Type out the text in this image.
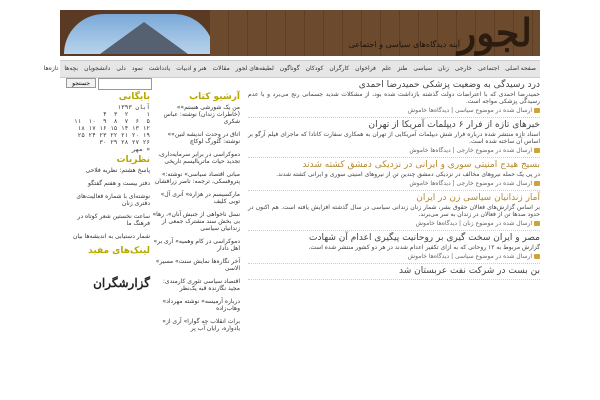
لجور
آینه‌ دیدگاه‌های سیاسی و اجتماعی
صفحه اصلی
اجتماعی
خارجی
زنان
سیاسی
طنز
علم
فراخوان
کارگران
کودکان
گوناگون
لطیفه‌های لجور
مقالات
هنر و ادبیات
یادداشت
نمود
دلی
دانشجویان
بچه‌ها
تازه‌ها
جستجو
بایگانی
آبان ۱۳۹۳
۱     ۲  ۳  ۴
۵  ۶  ۷  ۸  ۹  ۱۰  ۱۱
۱۲ ۱۳ ۱۴ ۱۵ ۱۶ ۱۷ ۱۸
۱۹ ۲۰ ۲۱ ۲۲ ۲۳ ۲۴ ۲۵
۲۶ ۲۷ ۲۸ ۲۹ ۳۰
« مهر
نظریات
پاسخ هشتم: نظریه فلاحی
دفتر بیست و هفتم گفتگو
نوشته‌ای با شماره فعالیت‌های دفتری زنان
ساعت نخستین شعر کوتاه در فرهنگ ما
شمار دستیابی به اندیشه‌ها بیان
لینک‌های مفید
گزارشگران
آرشیو کتاب
«من یک شورشی هستم» (خاطرات زندان) نوشته: عباس شکری
«اتاق در وحدت اندیشه لنین» نوشته: گئورگ لوکاچ
دموکراسی در برابر سرمایه‌داری، تجدید حیات ماتریالیسم تاریخی
«مبانی اقتصاد سیاسی» نوشته: پتروفسکی، ترجمه: ناصر زرافشان
«مارکسیسم در هزاره» آنری آل توبی کلیف
«نسل ناخواهی از جنبش آنان»، رها بی بخش سند مشترک جمعی از زندانیان سیاسی
«دموکراسی در کام وهمیه» آری بر اهل دادار
«آخر نگاره‌ها نمایش سنت» مسیر الاسی
اقتصاد سیاسی تئوری کارمندی: مجید نگارنده قبه یک‌نظر
«درباره آرمیسه» نوشته مهرداد وهاب‌زاده
«برات انقلاب چه گوارا» آری از یادواره، رایان آب پر
درد رسیدگی به وضعیت پزشکی حمیدرضا احمدی
حمیدرضا احمدی که با اعتراضات دولت گذشته بازداشت شده بود، از مشکلات شدید جسمانی رنج می‌برد و با عدم رسیدگی پزشکی مواجه است.
ارسال شده در موضوع سیاسی | دیدگاه‌ها خاموش
خبرهای تازه از فرار ۶ دیپلمات آمریکا از تهران
اسناد تازه منتشر شده درباره فرار شش دیپلمات آمریکایی از تهران به همکاری سفارت کانادا که ماجرای فیلم آرگو بر اساس آن ساخته شده است.
ارسال شده در موضوع خارجی | دیدگاه‌ها خاموش
بسیج هیدج امنیتی سوری و ایرانی در نزدیکی دمشق کشته شدند
در پی یک حمله نیروهای مخالف در نزدیکی دمشق چندین تن از نیروهای امنیتی سوری و ایرانی کشته شدند.
ارسال شده در موضوع خارجی | دیدگاه‌ها خاموش
آمار زندانیان سیاسی زن در ایران
بر اساس گزارش‌های فعالان حقوق بشر، شمار زنان زندانی سیاسی در سال گذشته افزایش یافته است. هم اکنون در حدود صدها تن از فعالان در زندان به سر می‌برند.
ارسال شده در موضوع زنان | دیدگاه‌ها خاموش
مصر و ایران سخت گیری بر روحانیت پیگیری اعدام آن شهادت
گزارش مربوط به ۱۲ روحانی که به ازای تکفیر اعدام شدند در هر دو کشور منتشر شده است.
ارسال شده در موضوع سیاسی | دیدگاه‌ها خاموش
بن بست در شرکت نفت عربستان شد
